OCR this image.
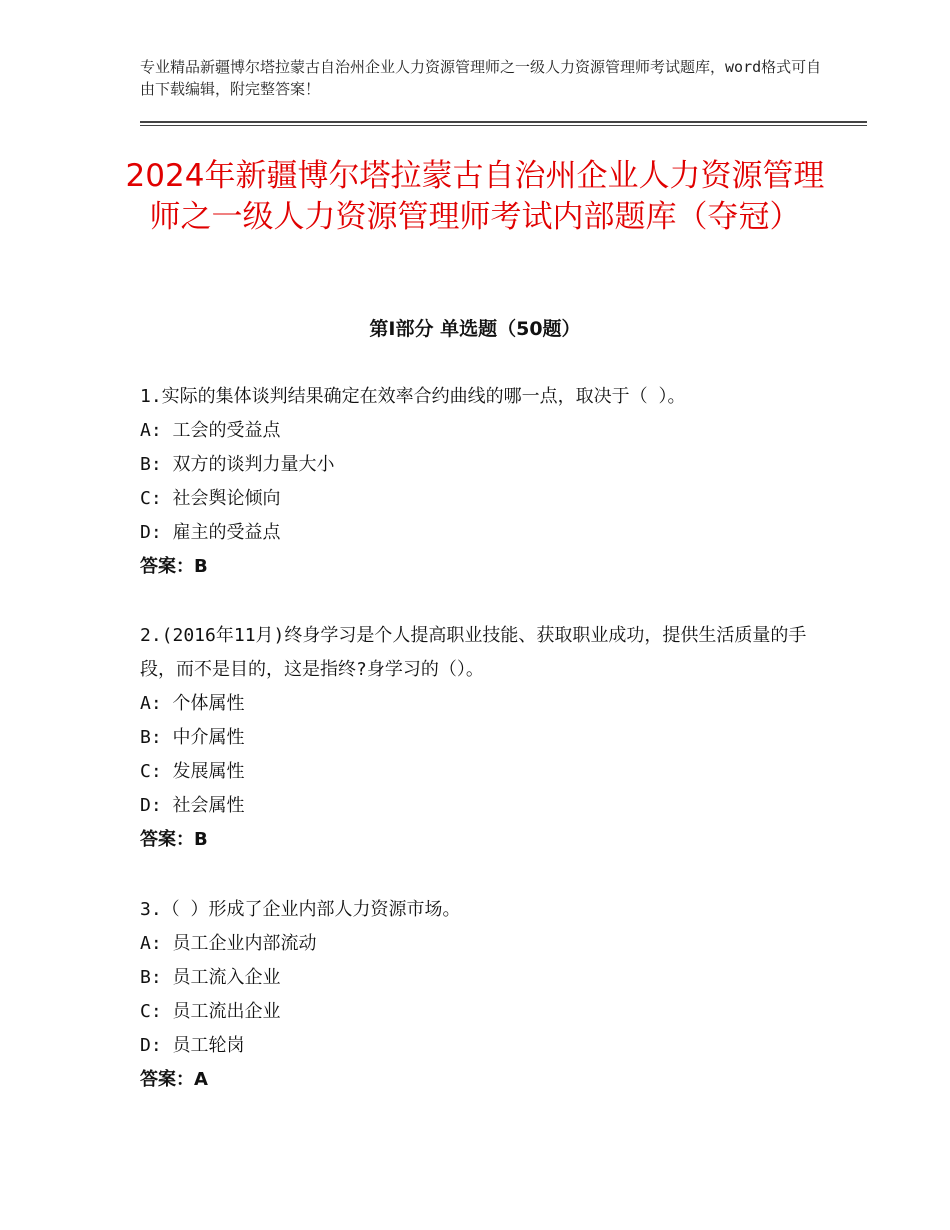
专业精品新疆博尔塔拉蒙古自治州企业人力资源管理师之一级人力资源管理师考试题库，word格式可自由下载编辑，附完整答案！
2024年新疆博尔塔拉蒙古自治州企业人力资源管理师之一级人力资源管理师考试内部题库（夺冠）
第Ⅰ部分 单选题（50题）

1.实际的集体谈判结果确定在效率合约曲线的哪一点，取决于（ ）。

A: 工会的受益点

B: 双方的谈判力量大小

C: 社会舆论倾向

D: 雇主的受益点

答案：B

2.(2016年11月)终身学习是个人提高职业技能、获取职业成功，提供生活质量的手段，而不是目的，这是指终?身学习的（）。

A: 个体属性

B: 中介属性

C: 发展属性

D: 社会属性

答案：B

3.（ ）形成了企业内部人力资源市场。

A: 员工企业内部流动

B: 员工流入企业

C: 员工流出企业

D: 员工轮岗

答案：A
